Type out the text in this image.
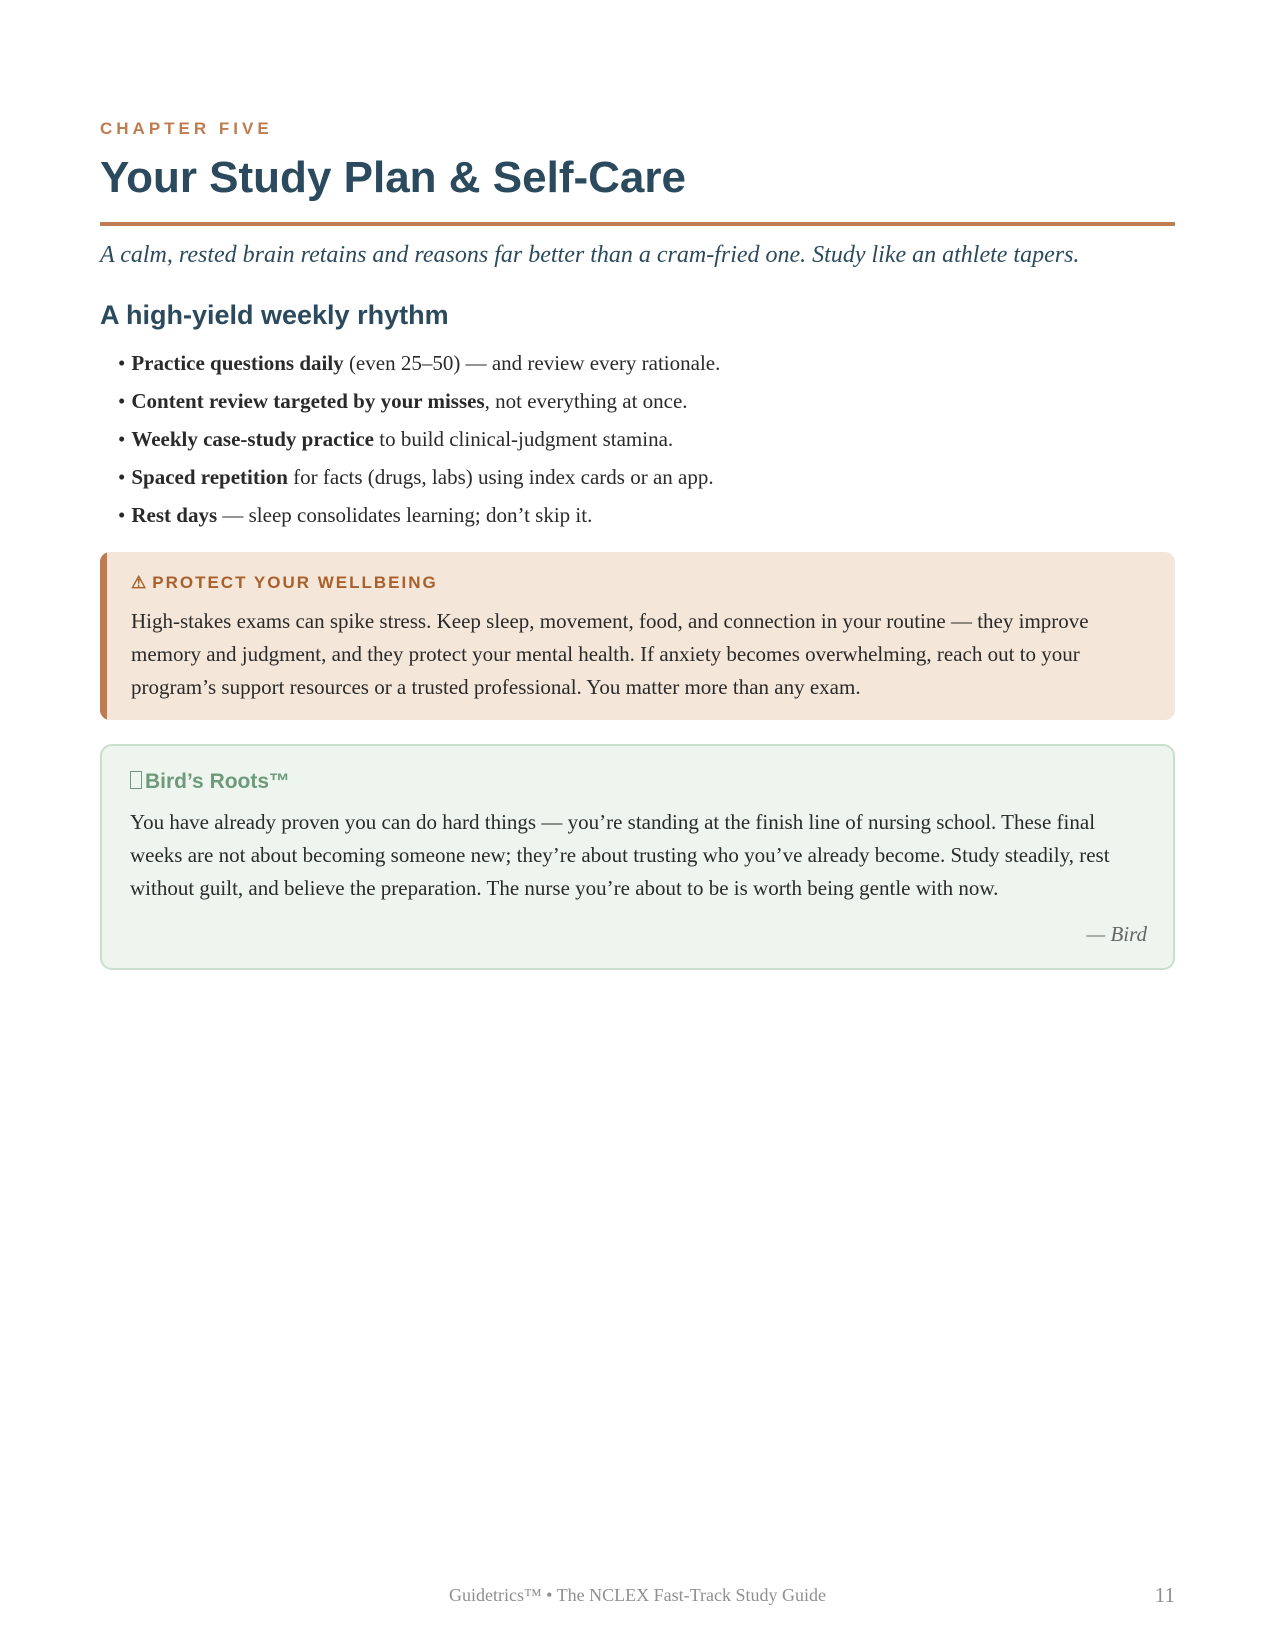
CHAPTER FIVE
Your Study Plan & Self-Care
A calm, rested brain retains and reasons far better than a cram-fried one. Study like an athlete tapers.
A high-yield weekly rhythm
• Practice questions daily (even 25–50) — and review every rationale.
• Content review targeted by your misses, not everything at once.
• Weekly case-study practice to build clinical-judgment stamina.
• Spaced repetition for facts (drugs, labs) using index cards or an app.
• Rest days — sleep consolidates learning; don’t skip it.
⚠ PROTECT YOUR WELLBEING
High-stakes exams can spike stress. Keep sleep, movement, food, and connection in your routine — they improve memory and judgment, and they protect your mental health. If anxiety becomes overwhelming, reach out to your program’s support resources or a trusted professional. You matter more than any exam.
Bird’s Roots™
You have already proven you can do hard things — you’re standing at the finish line of nursing school. These final weeks are not about becoming someone new; they’re about trusting who you’ve already become. Study steadily, rest without guilt, and believe the preparation. The nurse you’re about to be is worth being gentle with now.
— Bird
Guidetrics™ • The NCLEX Fast-Track Study Guide	11
